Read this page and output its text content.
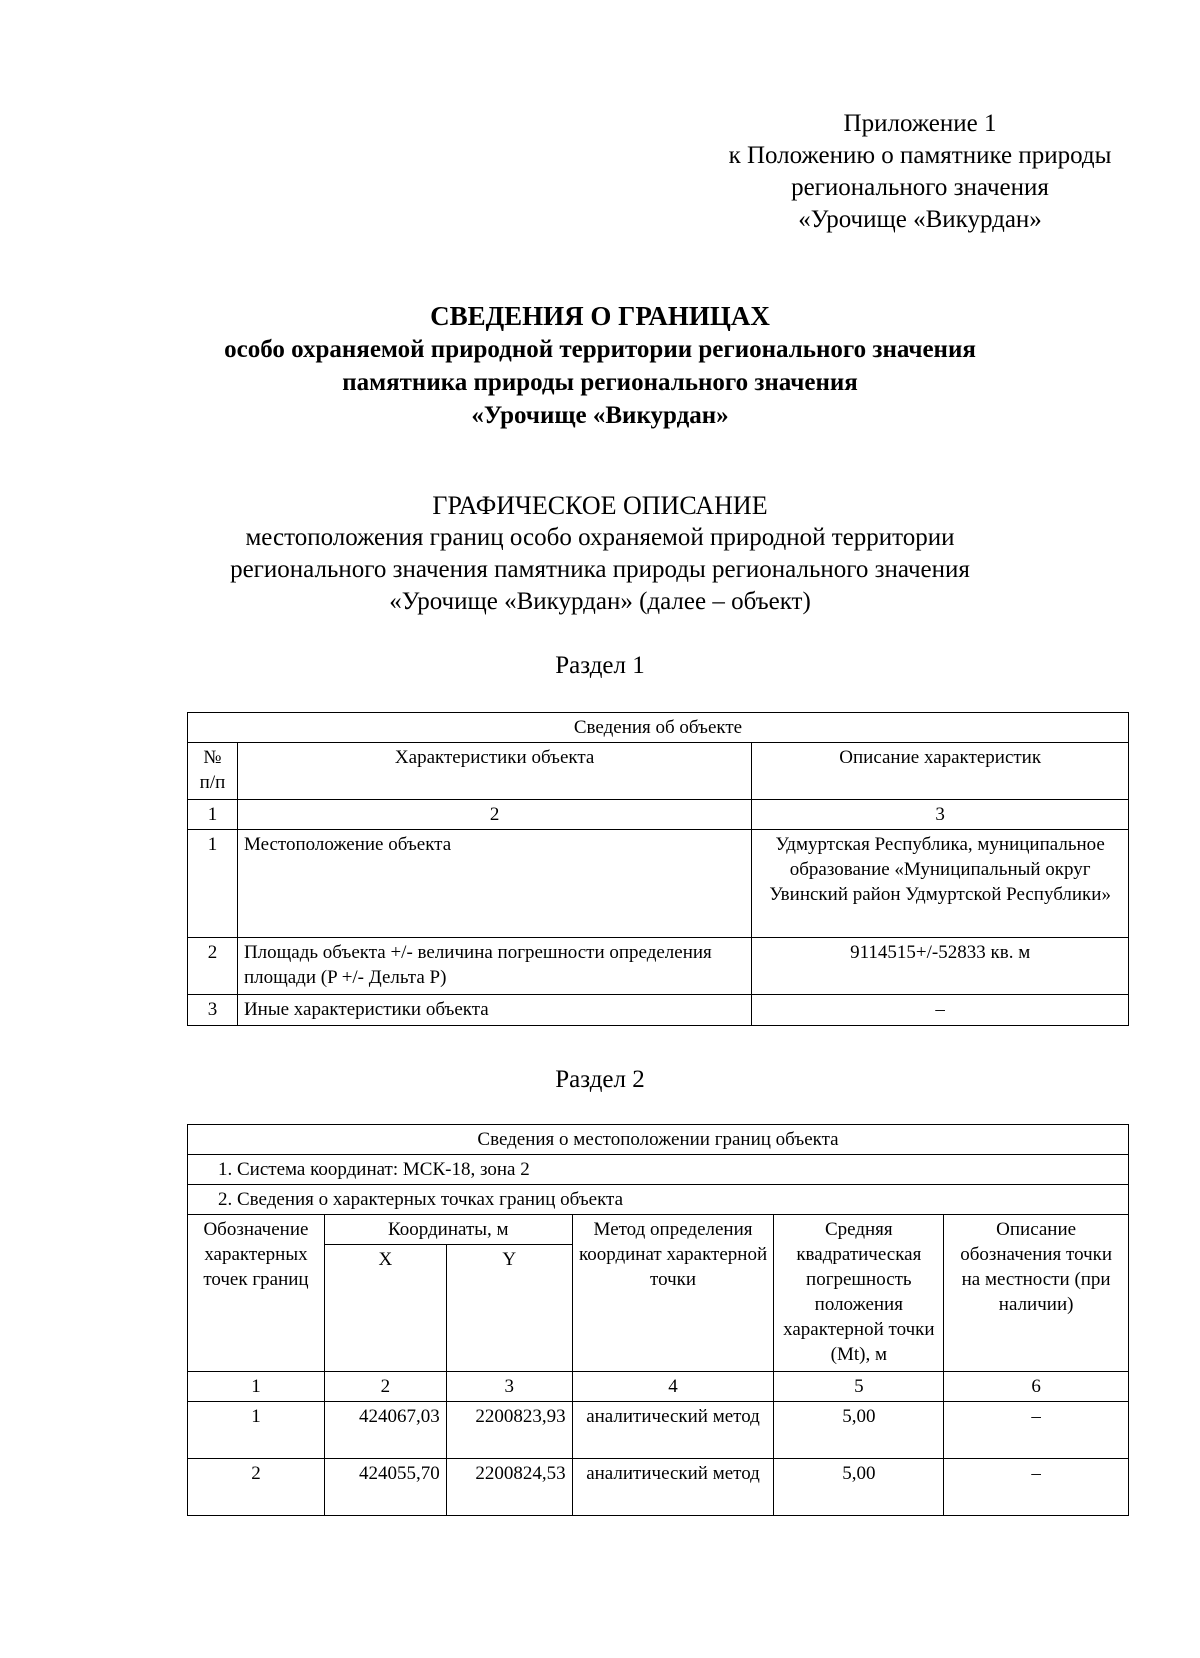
Приложение 1
к Положению о памятнике природы
регионального значения
«Урочище «Викурдан»
СВЕДЕНИЯ О ГРАНИЦАХ
особо охраняемой природной территории регионального значения
памятника природы регионального значения
«Урочище «Викурдан»
ГРАФИЧЕСКОЕ ОПИСАНИЕ
местоположения границ особо охраняемой природной территории
регионального значения памятника природы регионального значения
«Урочище «Викурдан» (далее – объект)
Раздел 1
Сведения об объекте		
№ п/п	Характеристики объекта	Описание характеристик
1	2	3
1	Местоположение объекта	Удмуртская Республика, муниципальное образование «Муниципальный округ Увинский район Удмуртской Республики»
2	Площадь объекта +/- величина погрешности определения площади (P +/- Дельта P)	9114515+/-52833 кв. м
3	Иные характеристики объекта	–
Раздел 2
Сведения о местоположении границ объекта					
1. Система координат: МСК-18, зона 2					
2. Сведения о характерных точках границ объекта					
Обозначение характерных точек границ	Координаты, м		Метод определения координат характерной точки	Средняя квадратическая погрешность положения характерной точки (Mt), м	Описание обозначения точки на местности (при наличии)
	X	Y			
1	2	3	4	5	6
1	424067,03	2200823,93	аналитический метод	5,00	–
2	424055,70	2200824,53	аналитический метод	5,00	–
